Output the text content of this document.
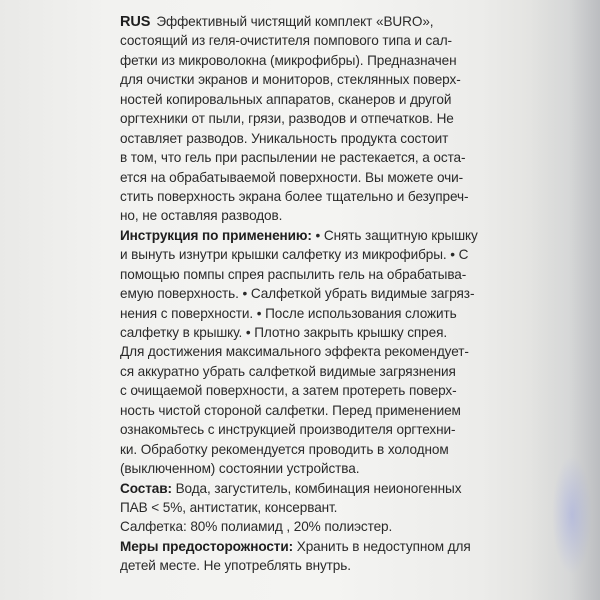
RUS Эффективный чистящий комплект «BURO»,
состоящий из геля-очистителя помпового типа и сал-
фетки из микроволокна (микрофибры). Предназначен
для очистки экранов и мониторов, стеклянных поверх-
ностей копировальных аппаратов, сканеров и другой
оргтехники от пыли, грязи, разводов и отпечатков. Не
оставляет разводов. Уникальность продукта состоит
в том, что гель при распылении не растекается, а оста-
ется на обрабатываемой поверхности. Вы можете очи-
стить поверхность экрана более тщательно и безупреч-
но, не оставляя разводов.
Инструкция по применению: • Снять защитную крышку
и вынуть изнутри крышки салфетку из микрофибры. • С
помощью помпы спрея распылить гель на обрабатыва-
емую поверхность. • Салфеткой убрать видимые загряз-
нения с поверхности. • После использования сложить
салфетку в крышку. • Плотно закрыть крышку спрея.
Для достижения максимального эффекта рекомендует-
ся аккуратно убрать салфеткой видимые загрязнения
с очищаемой поверхности, а затем протереть поверх-
ность чистой стороной салфетки. Перед применением
ознакомьтесь с инструкцией производителя оргтехни-
ки. Обработку рекомендуется проводить в холодном
(выключенном) состоянии устройства.
Состав: Вода, загуститель, комбинация неионогенных
ПАВ < 5%, антистатик, консервант.
Салфетка: 80% полиамид , 20% полиэстер.
Меры предосторожности: Хранить в недоступном для
детей месте. Не употреблять внутрь.
